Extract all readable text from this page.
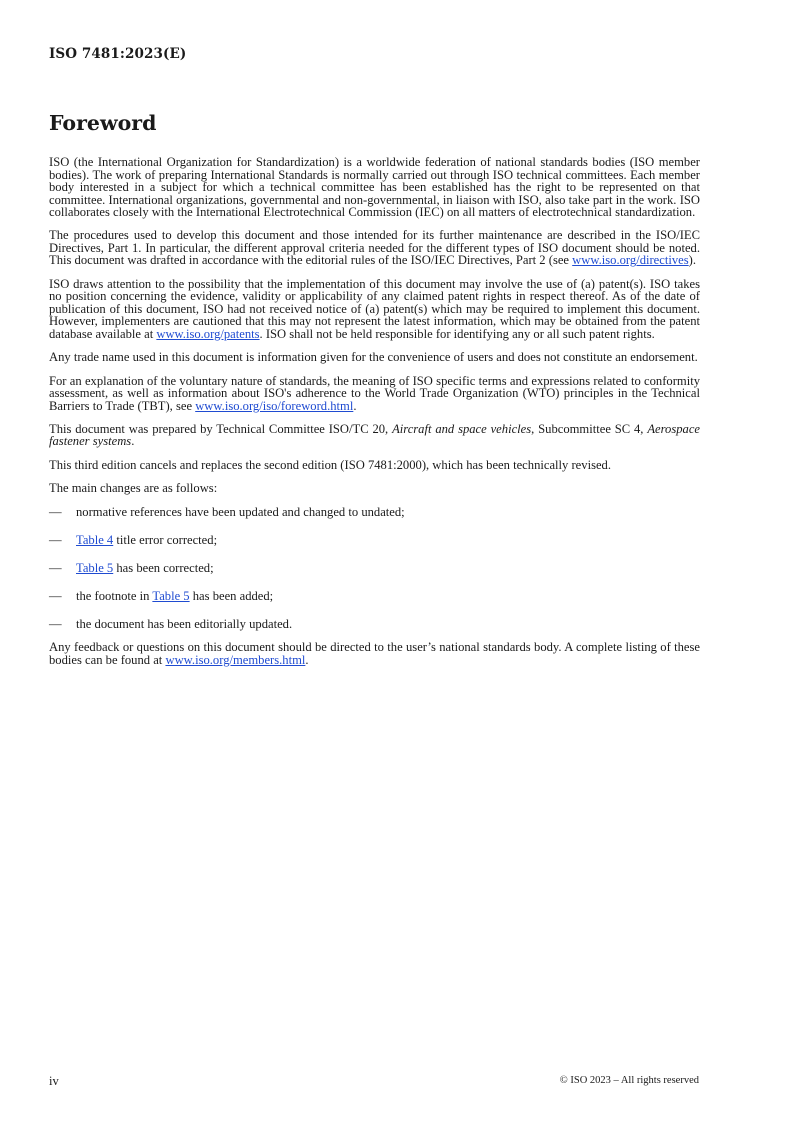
ISO 7481:2023(E)
Foreword

ISO (the International Organization for Standardization) is a worldwide federation of national standards bodies (ISO member bodies). The work of preparing International Standards is normally carried out through ISO technical committees. Each member body interested in a subject for which a technical committee has been established has the right to be represented on that committee. International organizations, governmental and non-governmental, in liaison with ISO, also take part in the work. ISO collaborates closely with the International Electrotechnical Commission (IEC) on all matters of electrotechnical standardization.

The procedures used to develop this document and those intended for its further maintenance are described in the ISO/IEC Directives, Part 1. In particular, the different approval criteria needed for the different types of ISO document should be noted. This document was drafted in accordance with the editorial rules of the ISO/IEC Directives, Part 2 (see www.iso.org/directives).

ISO draws attention to the possibility that the implementation of this document may involve the use of (a) patent(s). ISO takes no position concerning the evidence, validity or applicability of any claimed patent rights in respect thereof. As of the date of publication of this document, ISO had not received notice of (a) patent(s) which may be required to implement this document. However, implementers are cautioned that this may not represent the latest information, which may be obtained from the patent database available at www.iso.org/patents. ISO shall not be held responsible for identifying any or all such patent rights.

Any trade name used in this document is information given for the convenience of users and does not constitute an endorsement.

For an explanation of the voluntary nature of standards, the meaning of ISO specific terms and expressions related to conformity assessment, as well as information about ISO's adherence to the World Trade Organization (WTO) principles in the Technical Barriers to Trade (TBT), see www.iso.org/iso/foreword.html.

This document was prepared by Technical Committee ISO/TC 20, Aircraft and space vehicles, Subcommittee SC 4, Aerospace fastener systems.

This third edition cancels and replaces the second edition (ISO 7481:2000), which has been technically revised.

The main changes are as follows:

—	normative references have been updated and changed to undated;
—	Table 4 title error corrected;
—	Table 5 has been corrected;
—	the footnote in Table 5 has been added;
—	the document has been editorially updated.

Any feedback or questions on this document should be directed to the user’s national standards body. A complete listing of these bodies can be found at www.iso.org/members.html.

iv	© ISO 2023 – All rights reserved
